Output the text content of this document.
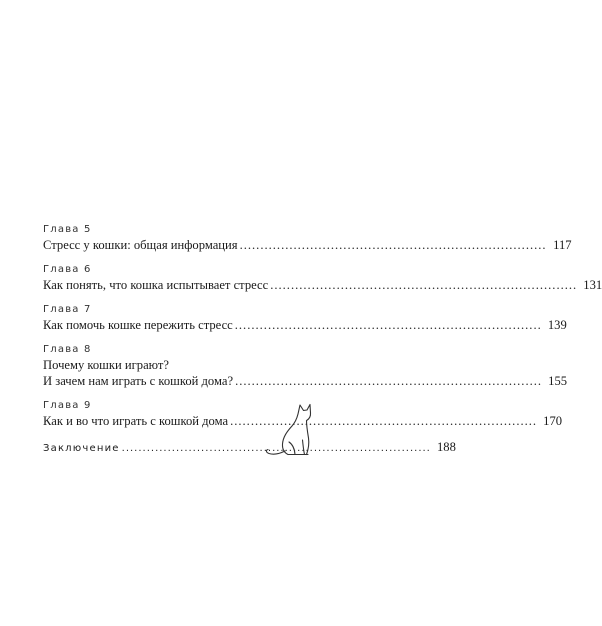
Глава 5
Стресс у кошки: общая информация .......................................................................... 117
Глава 6
Как понять, что кошка испытывает стресс .......................................................................... 131
Глава 7
Как помочь кошке пережить стресс .......................................................................... 139
Глава 8
Почему кошки играют?
И зачем нам играть с кошкой дома? .......................................................................... 155
Глава 9
Как и во что играть с кошкой дома .......................................................................... 170
Заключение .......................................................................... 188
